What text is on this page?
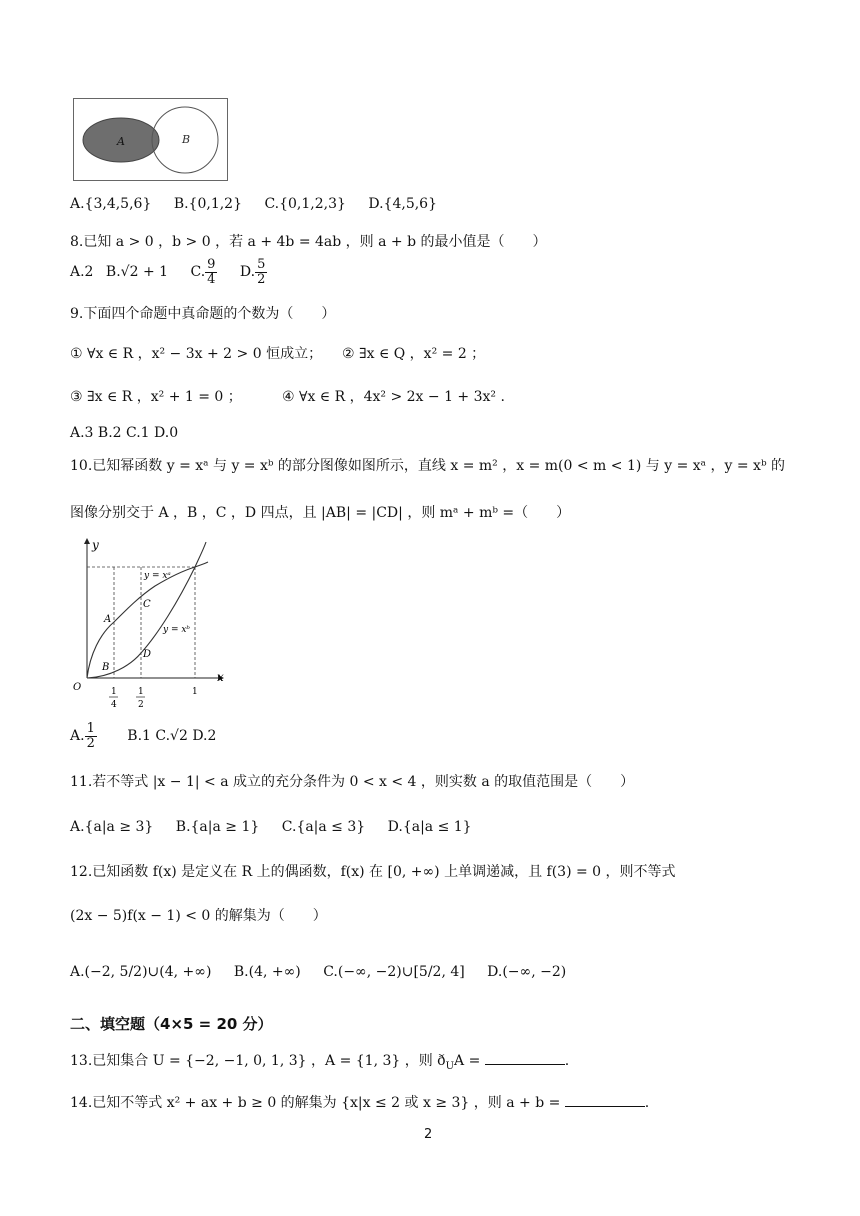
A	B
A.{3,4,5,6} B.{0,1,2} C.{0,1,2,3} D.{4,5,6}
8.已知 a > 0 ，b > 0 ，若 a + 4b = 4ab ，则 a + b 的最小值是（　　）
A.2 B.√2 + 1 C. $\frac{9}{4} D$. $\frac{5}{2}$
9.下面四个命题中真命题的个数为（　　）
① ∀x ∈ R ，x² − 3x + 2 > 0 恒成立； ② ∃x ∈ Q ，x² = 2 ；
③ ∃x ∈ R ，x² + 1 = 0 ；	④ ∀x ∈ R ，4x² > 2x − 1 + 3x² .
A.3 B.2 C.1 D.0
10.已知幂函数 y = xᵃ 与 y = xᵇ 的部分图像如图所示，直线 x = m² ，x = m(0 < m < 1) 与 y = xᵃ ，y = xᵇ 的
图像分别交于 A ，B ，C ，D 四点，且 |AB| = |CD| ，则 mᵃ + mᵇ =（　　）
y
x
O
y = xᵃ
y = xᵇ
A
B
C
D
1
4
1
2
1
A. $\frac{1}{2} B.1$ C.√2 D.2
11.若不等式 |x − 1| < a 成立的充分条件为 0 < x < 4 ，则实数 a 的取值范围是（　　）
A.{a|a ≥ 3} B.{a|a ≥ 1} C.{a|a ≤ 3} D.{a|a ≤ 1}
12.已知函数 f(x) 是定义在 R 上的偶函数，f(x) 在 [0, +∞) 上单调递减，且 f(3) = 0 ，则不等式
(2x − 5)f(x − 1) < 0 的解集为（　　）
A.(−2, 5/2)∪(4, +∞) B.(4, +∞) C.(−∞, −2)∪[5/2, 4] D.(−∞, −2)
二、填空题（4×5 = 20 分）
13.已知集合 U = {−2, −1, 0, 1, 3} ，A = {1, 3} ，则 $ð_UA$ =	.
14.已知不等式 x² + ax + b ≥ 0 的解集为 {x|x ≤ 2 或 x ≥ 3} ，则 a + b =	.
2
